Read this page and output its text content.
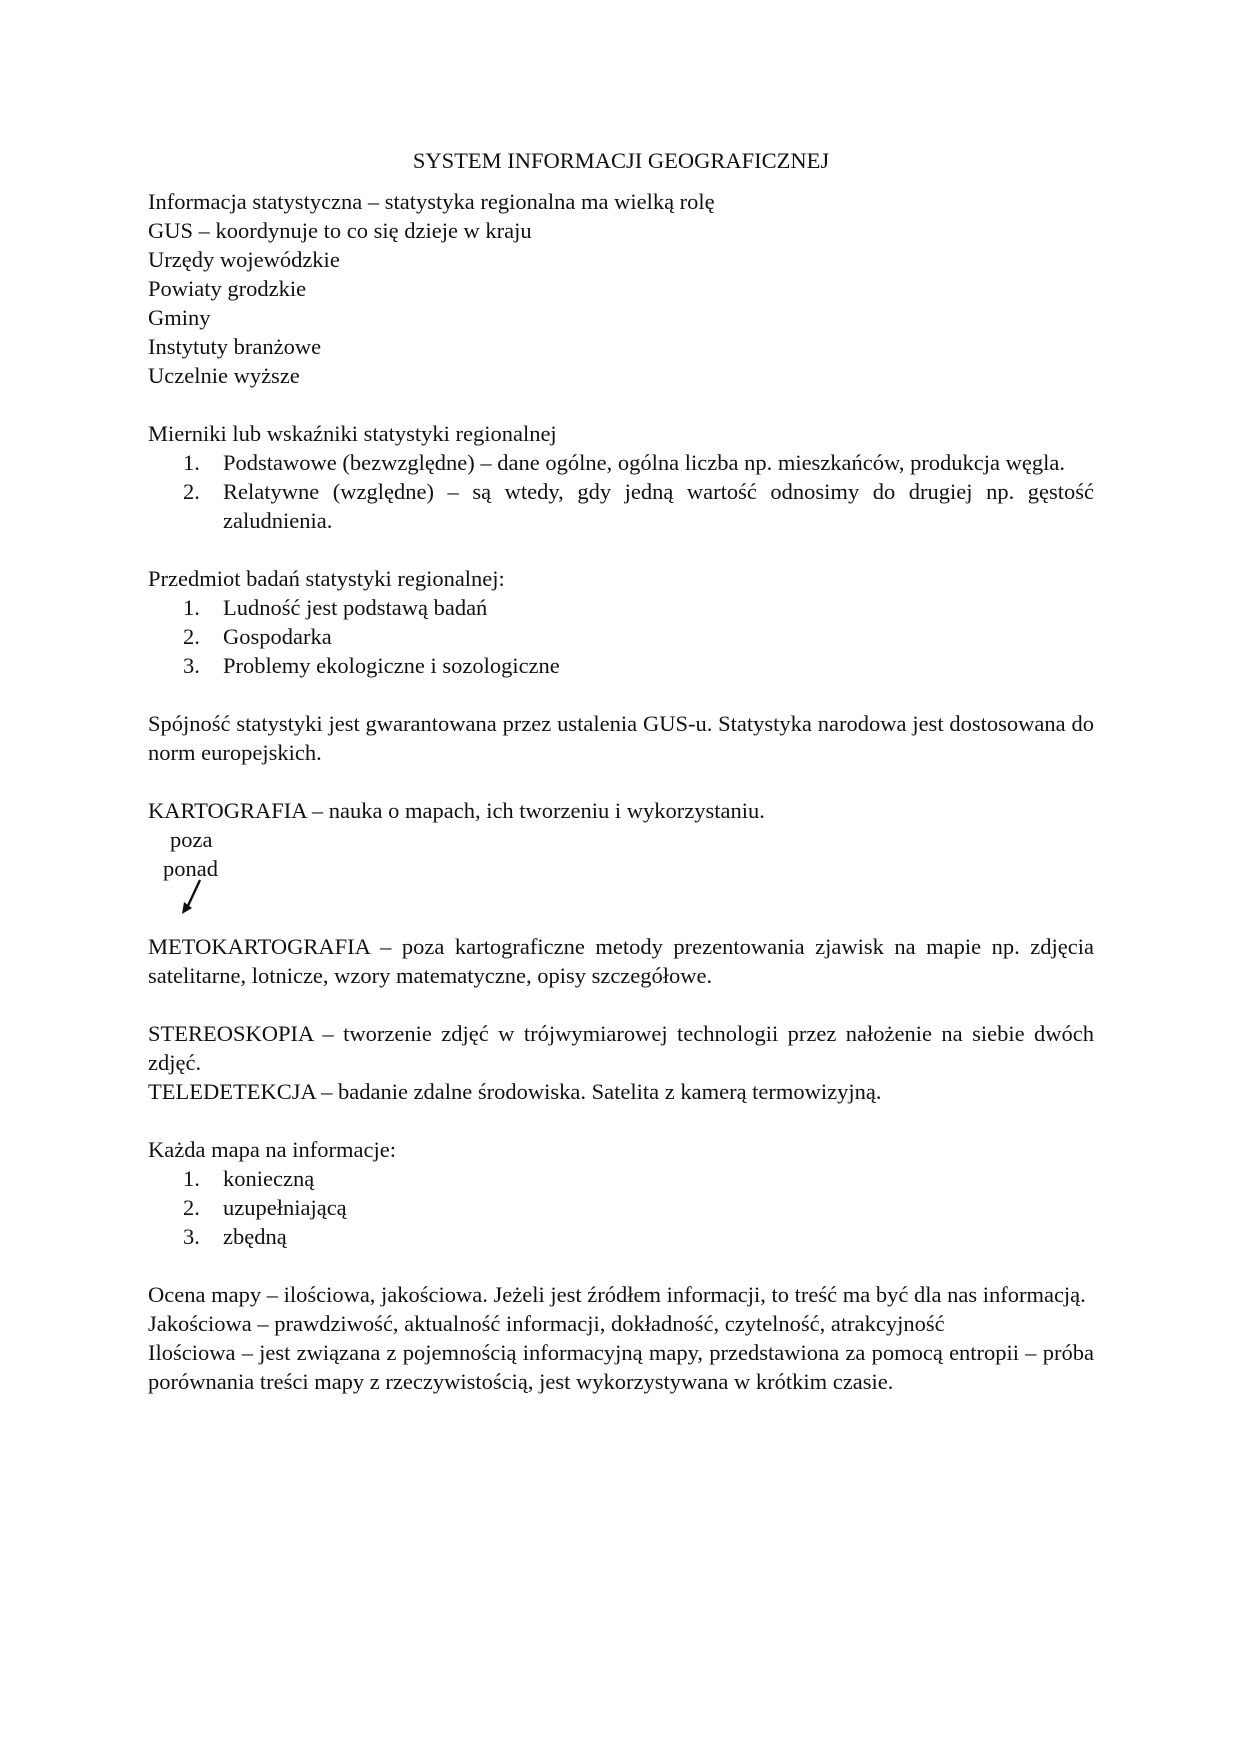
SYSTEM INFORMACJI GEOGRAFICZNEJ

Informacja statystyczna – statystyka regionalna ma wielką rolę

GUS – koordynuje to co się dzieje w kraju

Urzędy wojewódzkie

Powiaty grodzkie

Gminy

Instytuty branżowe

Uczelnie wyższe

Mierniki lub wskaźniki statystyki regionalnej

1. Podstawowe (bezwzględne) – dane ogólne, ogólna liczba np. mieszkańców, produkcja węgla.
2. Relatywne (względne) – są wtedy, gdy jedną wartość odnosimy do drugiej np. gęstość zaludnienia.

Przedmiot badań statystyki regionalnej:

1. Ludność jest podstawą badań
2. Gospodarka
3. Problemy ekologiczne i sozologiczne

Spójność statystyki jest gwarantowana przez ustalenia GUS-u. Statystyka narodowa jest dostosowana do norm europejskich.

KARTOGRAFIA – nauka o mapach, ich tworzeniu i wykorzystaniu.

poza
ponad

METOKARTOGRAFIA – poza kartograficzne metody prezentowania zjawisk na mapie np. zdjęcia satelitarne, lotnicze, wzory matematyczne, opisy szczegółowe.

STEREOSKOPIA – tworzenie zdjęć w trójwymiarowej technologii przez nałożenie na siebie dwóch zdjęć.

TELEDETEKCJA – badanie zdalne środowiska. Satelita z kamerą termowizyjną.

Każda mapa na informacje:

1. konieczną
2. uzupełniającą
3. zbędną

Ocena mapy – ilościowa, jakościowa. Jeżeli jest źródłem informacji, to treść ma być dla nas informacją.

Jakościowa – prawdziwość, aktualność informacji, dokładność, czytelność, atrakcyjność

Ilościowa – jest związana z pojemnością informacyjną mapy, przedstawiona za pomocą entropii – próba porównania treści mapy z rzeczywistością, jest wykorzystywana w krótkim czasie.
